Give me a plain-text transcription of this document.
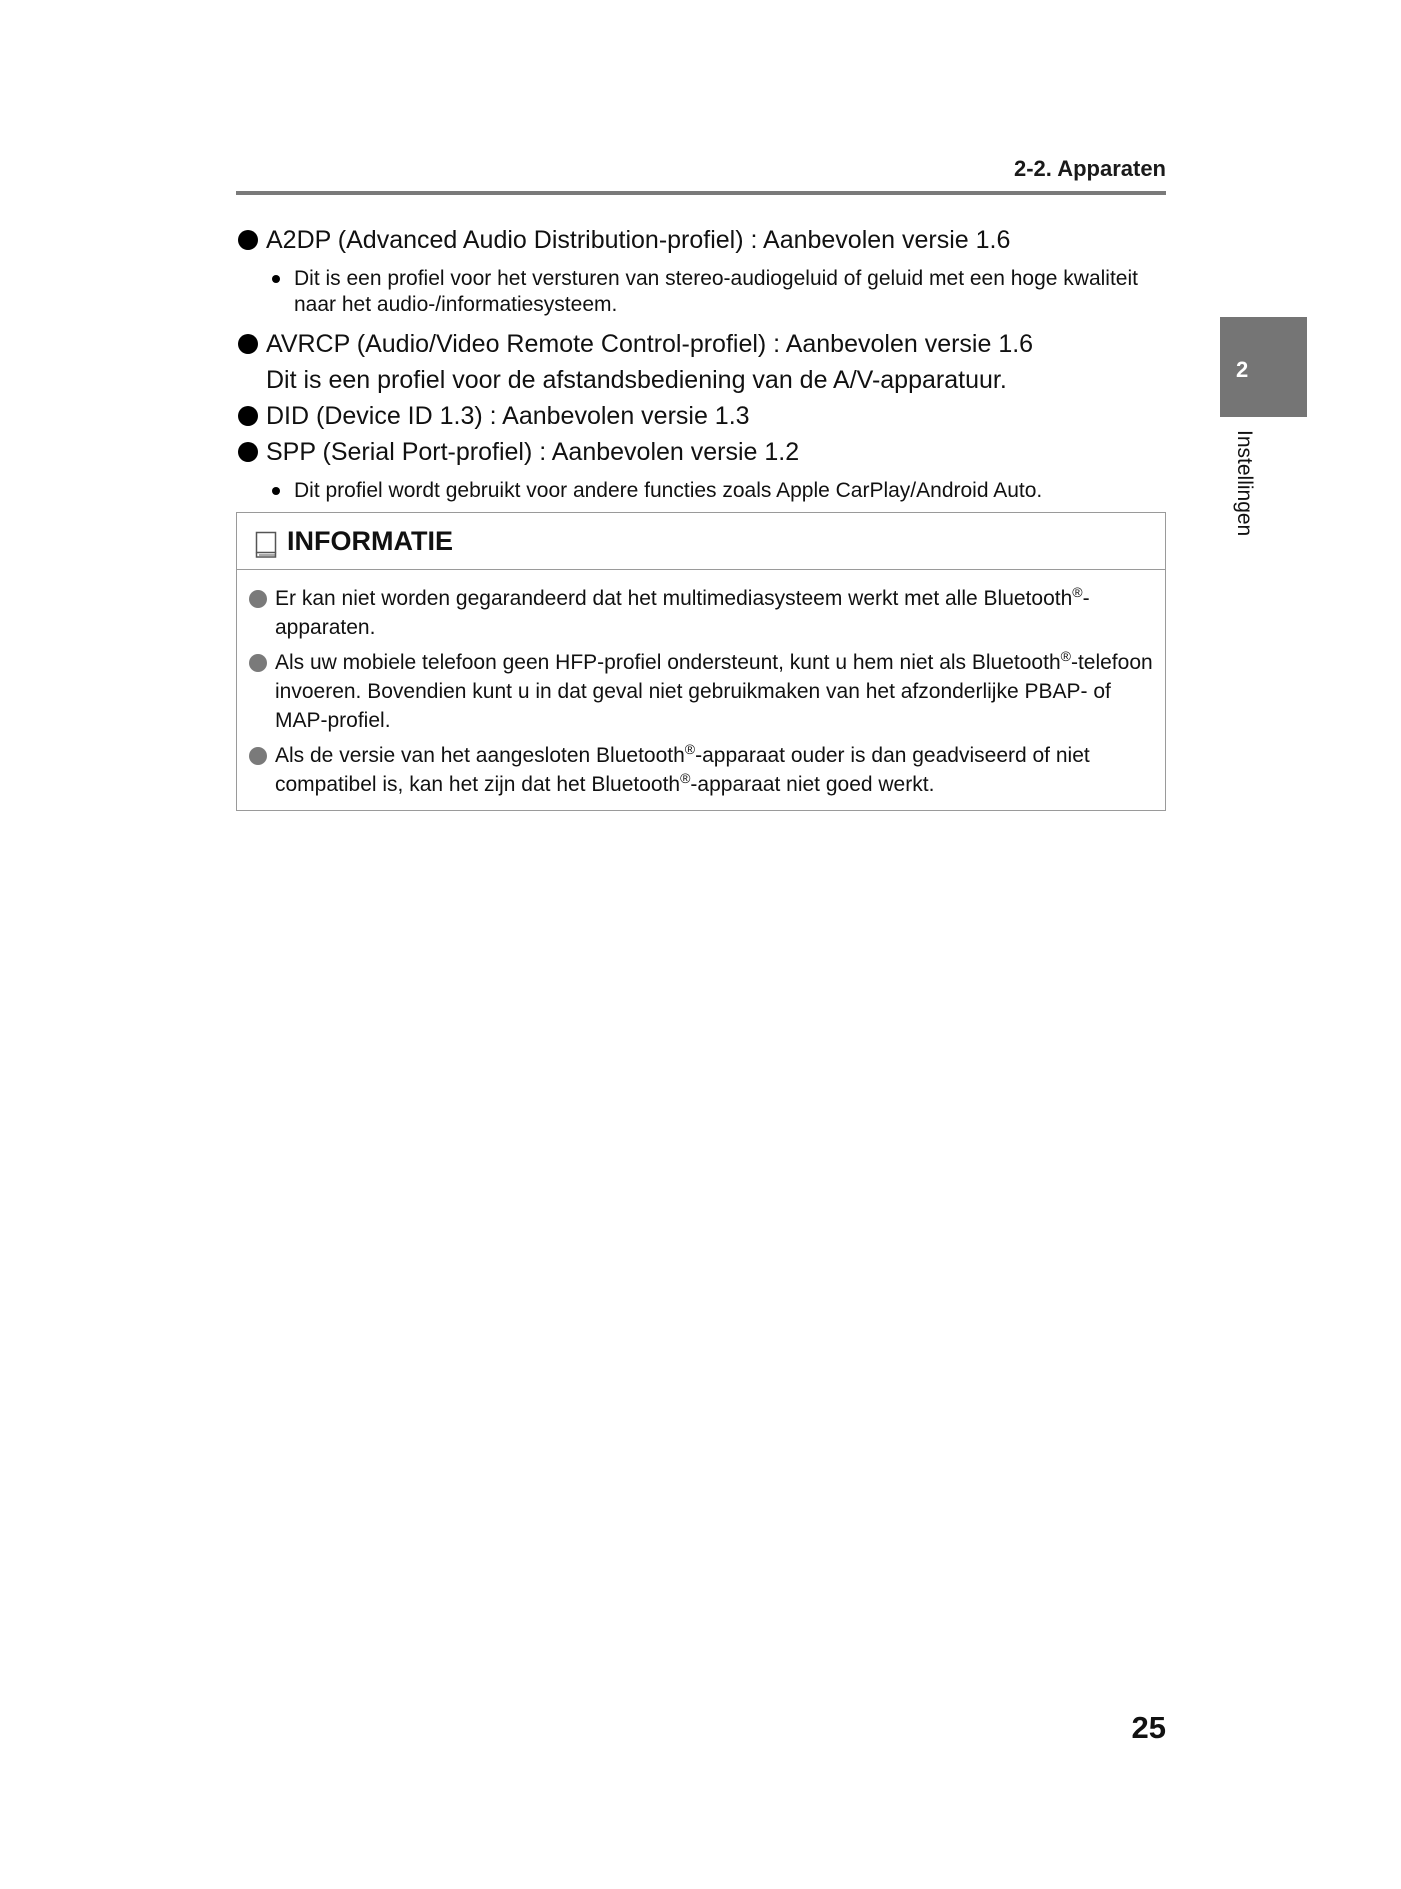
2-2. Apparaten
A2DP (Advanced Audio Distribution-profiel) : Aanbevolen versie 1.6
Dit is een profiel voor het versturen van stereo-audiogeluid of geluid met een hoge kwaliteit naar het audio-/informatiesysteem.
AVRCP (Audio/Video Remote Control-profiel) : Aanbevolen versie 1.6
Dit is een profiel voor de afstandsbediening van de A/V-apparatuur.
DID (Device ID 1.3) : Aanbevolen versie 1.3
SPP (Serial Port-profiel) : Aanbevolen versie 1.2
Dit profiel wordt gebruikt voor andere functies zoals Apple CarPlay/Android Auto.
INFORMATIE
Er kan niet worden gegarandeerd dat het multimediasysteem werkt met alle Bluetooth®-apparaten.
Als uw mobiele telefoon geen HFP-profiel ondersteunt, kunt u hem niet als Bluetooth®-telefoon invoeren. Bovendien kunt u in dat geval niet gebruikmaken van het afzonderlijke PBAP- of MAP-profiel.
Als de versie van het aangesloten Bluetooth®-apparaat ouder is dan geadviseerd of niet compatibel is, kan het zijn dat het Bluetooth®-apparaat niet goed werkt.
2
Instellingen
25
